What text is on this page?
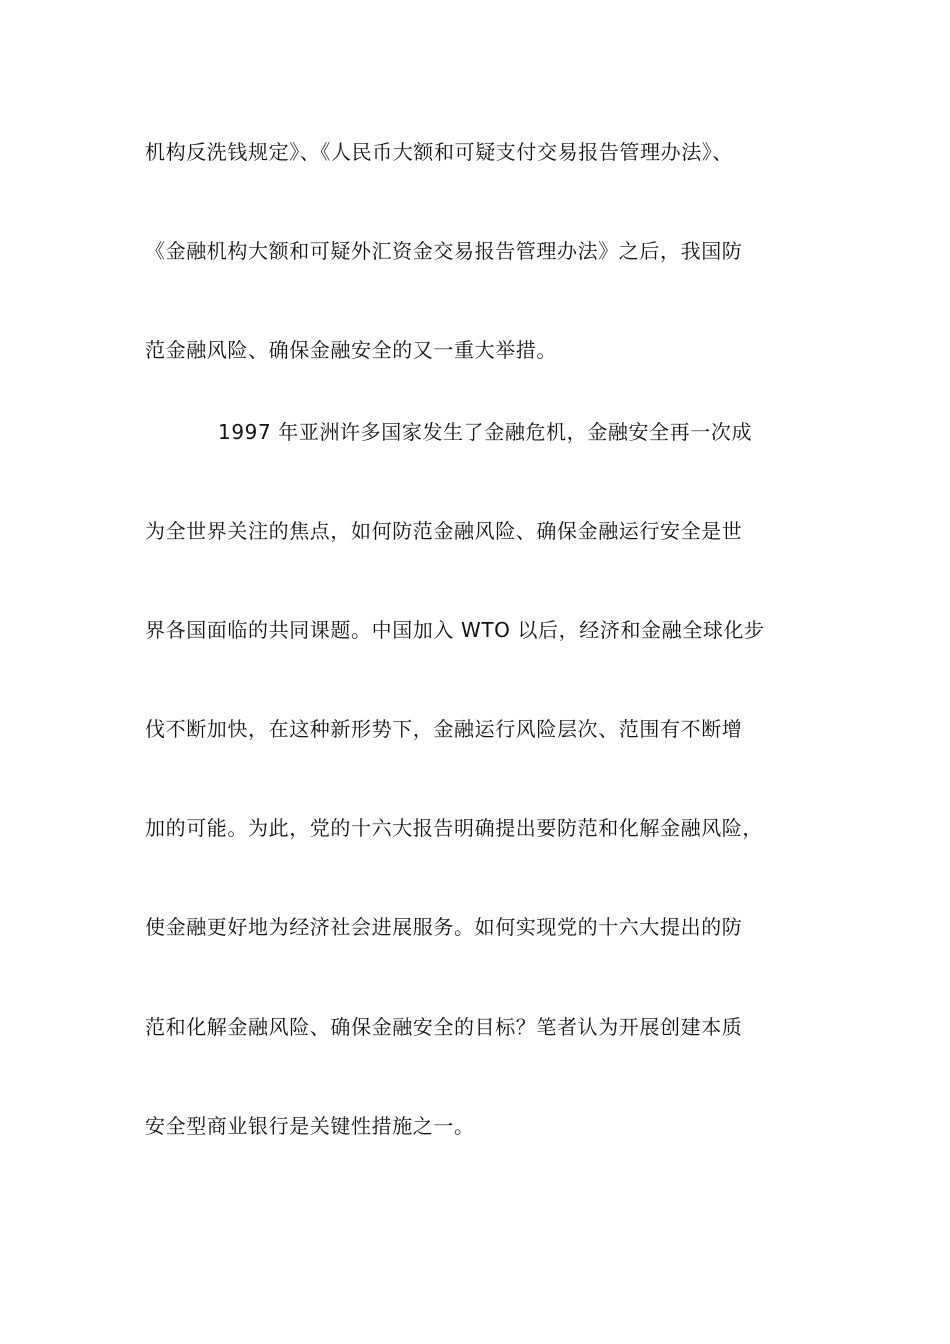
机构反洗钱规定》、《人民币大额和可疑支付交易报告管理办法》、
《金融机构大额和可疑外汇资金交易报告管理办法》之后，我国防
范金融风险、确保金融安全的又一重大举措。
1997 年亚洲许多国家发生了金融危机，金融安全再一次成
为全世界关注的焦点，如何防范金融风险、确保金融运行安全是世
界各国面临的共同课题。中国加入 WTO 以后，经济和金融全球化步
伐不断加快，在这种新形势下，金融运行风险层次、范围有不断增
加的可能。为此，党的十六大报告明确提出要防范和化解金融风险，
使金融更好地为经济社会进展服务。如何实现党的十六大提出的防
范和化解金融风险、确保金融安全的目标？笔者认为开展创建本质
安全型商业银行是关键性措施之一。
